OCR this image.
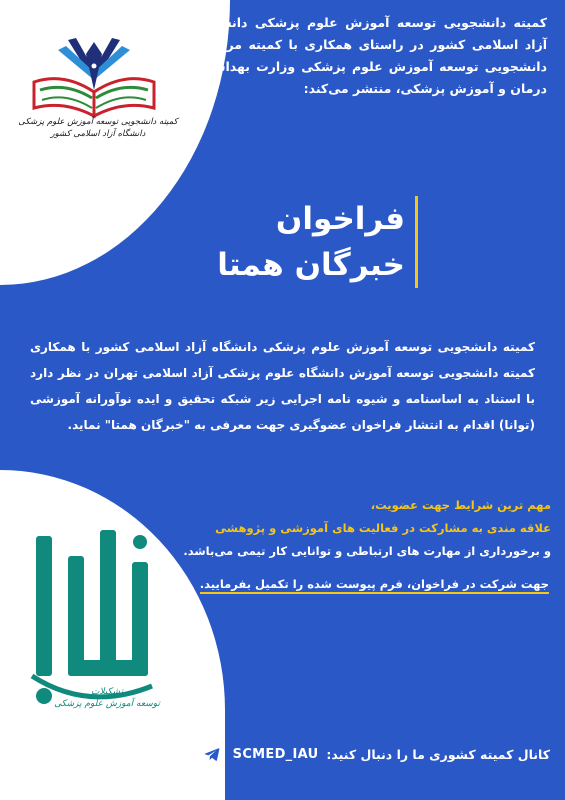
کمیته دانشجویی توسعه آموزش علوم پزشکی
دانشگاه آزاد اسلامی کشور
کمیته دانشجویی توسعه آموزش علوم پزشکی دانشگاه آزاد اسلامی کشور در راستای همکاری با کمیته مرکزی دانشجویی توسعه آموزش علوم پزشکی وزارت بهداشت درمان و آموزش پزشکی، منتشر می‌کند:
فراخوان
خبرگان همتا
کمیته دانشجویی توسعه آموزش علوم پزشکی دانشگاه آزاد اسلامی کشور با همکاری کمیته دانشجویی توسعه آموزش دانشگاه علوم پزشکی آزاد اسلامی تهران در نظر دارد با استناد به اساسنامه و شیوه نامه اجرایی زیر شبکه تحقیق و ایده نوآورانه آموزشی (توانا) اقدام به انتشار فراخوان عضوگیری جهت معرفی به "خبرگان همتا" نماید.
مهم ترین شرایط جهت عضویت،
علاقه مندی به مشارکت در فعالیت های آموزشی و پژوهشی
و برخورداری از مهارت های ارتباطی و توانایی کار تیمی می‌باشد.
جهت شرکت در فراخوان، فرم پیوست شده را تکمیل بفرمایید.
تشکیلات
توسعه آموزش علوم پزشکی
کانال کمیته کشوری ما را دنبال کنید:
SCMED_IAU
